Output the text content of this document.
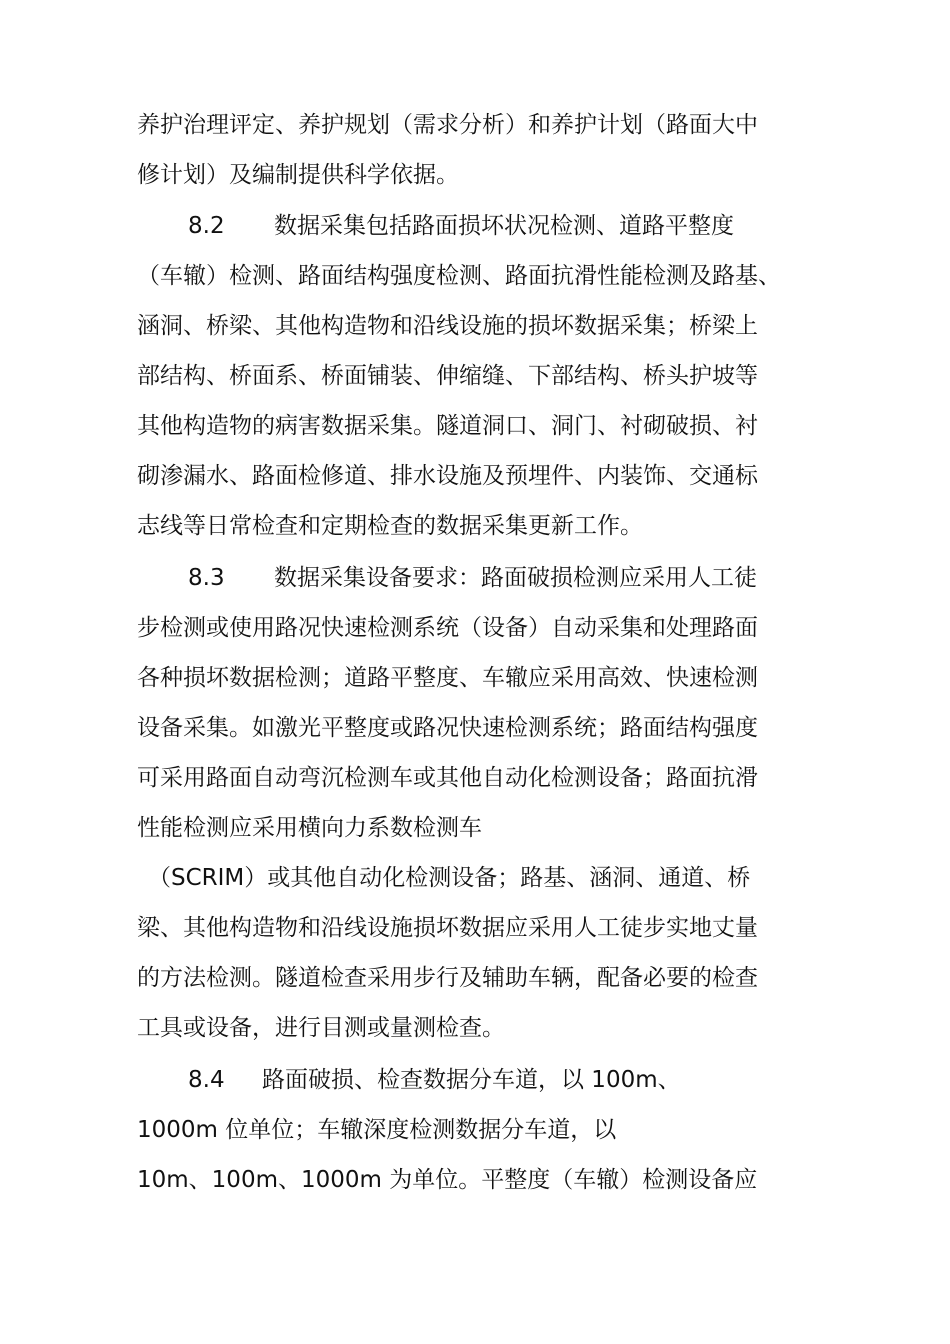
养护治理评定、养护规划（需求分析）和养护计划（路面大中
修计划）及编制提供科学依据。
8.2 数据采集包括路面损坏状况检测、道路平整度
（车辙）检测、路面结构强度检测、路面抗滑性能检测及路基、
涵洞、桥梁、其他构造物和沿线设施的损坏数据采集；桥梁上
部结构、桥面系、桥面铺装、伸缩缝、下部结构、桥头护坡等
其他构造物的病害数据采集。隧道洞口、洞门、衬砌破损、衬
砌渗漏水、路面检修道、排水设施及预埋件、内装饰、交通标
志线等日常检查和定期检查的数据采集更新工作。
8.3 数据采集设备要求：路面破损检测应采用人工徒
步检测或使用路况快速检测系统（设备）自动采集和处理路面
各种损坏数据检测；道路平整度、车辙应采用高效、快速检测
设备采集。如激光平整度或路况快速检测系统；路面结构强度
可采用路面自动弯沉检测车或其他自动化检测设备；路面抗滑
性能检测应采用横向力系数检测车
（SCRIM）或其他自动化检测设备；路基、涵洞、通道、桥
梁、其他构造物和沿线设施损坏数据应采用人工徒步实地丈量
的方法检测。隧道检查采用步行及辅助车辆，配备必要的检查
工具或设备，进行目测或量测检查。
8.4 路面破损、检查数据分车道，以 100m、
1000m 位单位；车辙深度检测数据分车道，以
10m、100m、1000m 为单位。平整度（车辙）检测设备应
